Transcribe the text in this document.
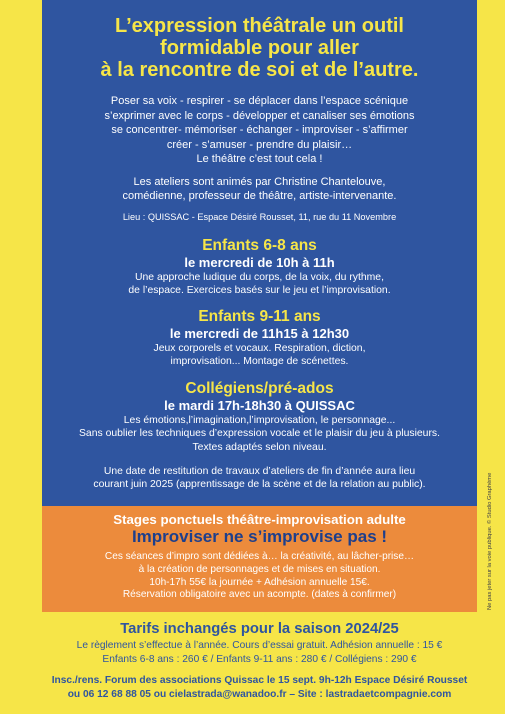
L’expression théâtrale un outil
formidable pour aller
à la rencontre de soi et de l’autre.
Poser sa voix - respirer - se déplacer dans l’espace scénique
s’exprimer avec le corps - développer et canaliser ses émotions
se concentrer- mémoriser - échanger - improviser - s’affirmer
créer - s’amuser - prendre du plaisir…
Le théâtre c’est tout cela !
Les ateliers sont animés par Christine Chantelouve,
comédienne, professeur de théâtre, artiste-intervenante.
Lieu : QUISSAC - Espace Désiré Rousset, 11, rue du 11 Novembre
Enfants 6-8 ans
le mercredi de 10h à 11h
Une approche ludique du corps, de la voix, du rythme,
de l’espace. Exercices basés sur le jeu et l’improvisation.
Enfants 9-11 ans
le mercredi de 11h15 à 12h30
Jeux corporels et vocaux. Respiration, diction,
improvisation... Montage de scénettes.
Collégiens/pré-ados
le mardi 17h-18h30 à QUISSAC
Les émotions,l’imagination,l’improvisation, le personnage...
Sans oublier les techniques d’expression vocale et le plaisir du jeu à plusieurs.
Textes adaptés selon niveau.
Une date de restitution de travaux d’ateliers de fin d’année aura lieu
courant juin 2025 (apprentissage de la scène et de la relation au public).
Stages ponctuels théâtre-improvisation adulte
Improviser ne s’improvise pas !
Ces séances d’impro sont dédiées à… la créativité, au lâcher-prise…
à la création de personnages et de mises en situation.
10h-17h 55€ la journée + Adhésion annuelle 15€.
Réservation obligatoire avec un acompte. (dates à confirmer)
Tarifs inchangés pour la saison 2024/25
Le règlement s’effectue à l’année. Cours d’essai gratuit. Adhésion annuelle : 15 €
Enfants 6-8 ans : 260 € / Enfants 9-11 ans : 280 € / Collégiens : 290 €
Insc./rens. Forum des associations Quissac le 15 sept. 9h-12h Espace Désiré Rousset
ou 06 12 68 88 05 ou cielastrada@wanadoo.fr – Site : lastradaetcompagnie.com
Ne pas jeter sur la voie publique. © Studio Graphème
